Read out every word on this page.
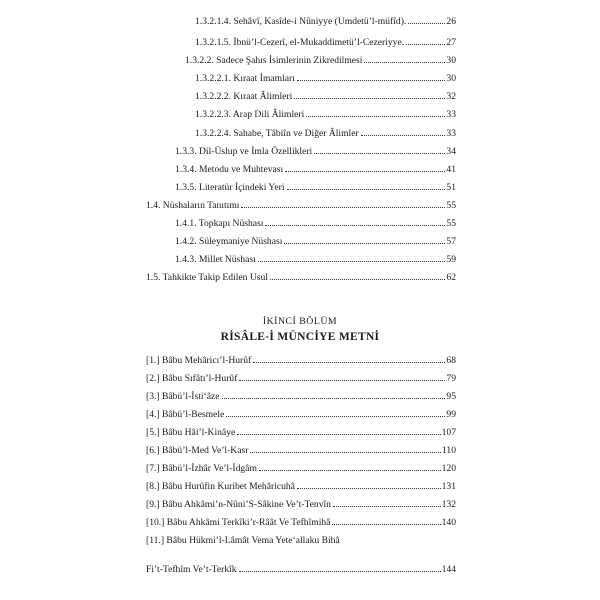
1.3.2.1.4. Sehâvî, Kasîde-i Nûniyye (Umdetü’l-müfîd).	26
1.3.2.1.5. İbnü’l-Cezerî, el-Mukaddimetü’l-Cezeriyye.	27
1.3.2.2. Sadece Şahıs İsimlerinin Zikredilmesi	30
1.3.2.2.1. Kıraat İmamları	30
1.3.2.2.2. Kıraat Âlimleri	32
1.3.2.2.3. Arap Dili Âlimleri	33
1.3.2.2.4. Sahabe, Tâbiîn ve Diğer Âlimler	33
1.3.3. Dil-Üslup ve İmla Özellikleri	34
1.3.4. Metodu ve Muhtevası	41
1.3.5. Literatür İçindeki Yeri	51
1.4. Nüshaların Tanıtımı	55
1.4.1. Topkapı Nüshası	55
1.4.2. Süleymaniye Nüshası	57
1.4.3. Millet Nüshası	59
1.5. Tahkikte Takip Edilen Usul	62
İKİNCİ BÖLÜM
RİSÂLE-İ MÜNCİYE METNİ
[1.] Bâbu Mehâricı’l-Hurûf	68
[2.] Bâbu Sıfâtı’l-Hurûf	79
[3.] Bâbü’l-İsti‘âze	95
[4.] Bâbü’l-Besmele	99
[5.] Bâbu Hâi’l-Kinâye	107
[6.] Bâbü’l-Med Ve’l-Kasr	110
[7.] Bâbü’l-İzhâr Ve’l-İdgâm	120
[8.] Bâbu Hurûfin Kuribet Mehâricuhâ	131
[9.] Bâbu Ahkâmi’n-Nûni’S-Sâkine Ve’t-Tenvîn	132
[10.] Bâbu Ahkâmi Terkîki’r-Râât Ve Tefhîmihâ	140
[11.] Bâbu Hükmi’l-Lâmât Vema Yete‘allaku Bihâ
Fi’t-Tefhîm Ve’t-Terkîk	144
